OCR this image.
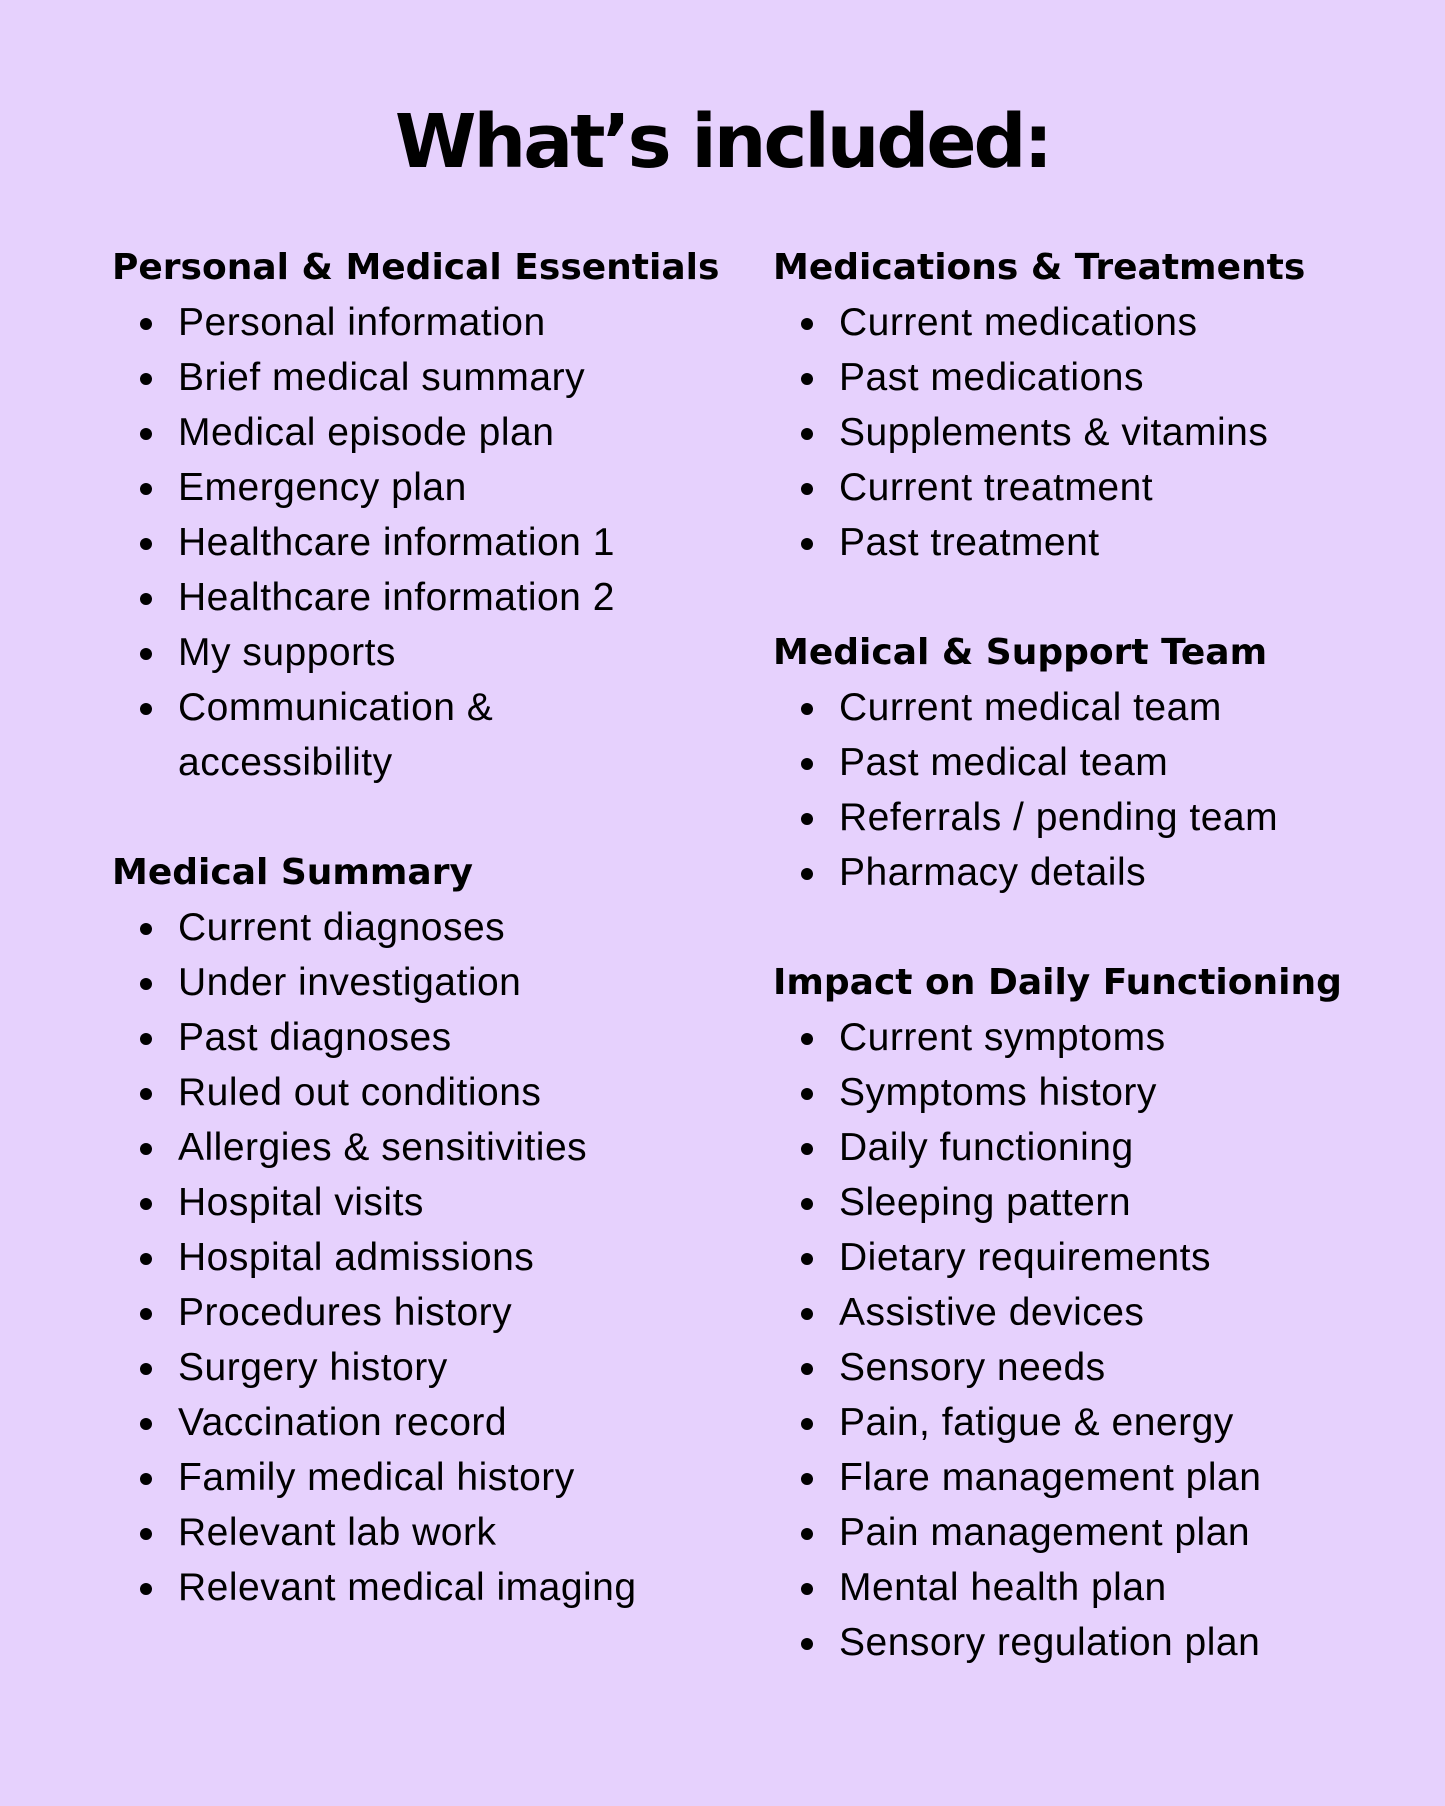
What’s included:
Personal & Medical Essentials
Personal information
Brief medical summary
Medical episode plan
Emergency plan
Healthcare information 1
Healthcare information 2
My supports
Communication &
accessibility
Medical Summary
Current diagnoses
Under investigation
Past diagnoses
Ruled out conditions
Allergies & sensitivities
Hospital visits
Hospital admissions
Procedures history
Surgery history
Vaccination record
Family medical history
Relevant lab work
Relevant medical imaging
Medications & Treatments
Current medications
Past medications
Supplements & vitamins
Current treatment
Past treatment
Medical & Support Team
Current medical team
Past medical team
Referrals / pending team
Pharmacy details
Impact on Daily Functioning
Current symptoms
Symptoms history
Daily functioning
Sleeping pattern
Dietary requirements
Assistive devices
Sensory needs
Pain, fatigue & energy
Flare management plan
Pain management plan
Mental health plan
Sensory regulation plan
